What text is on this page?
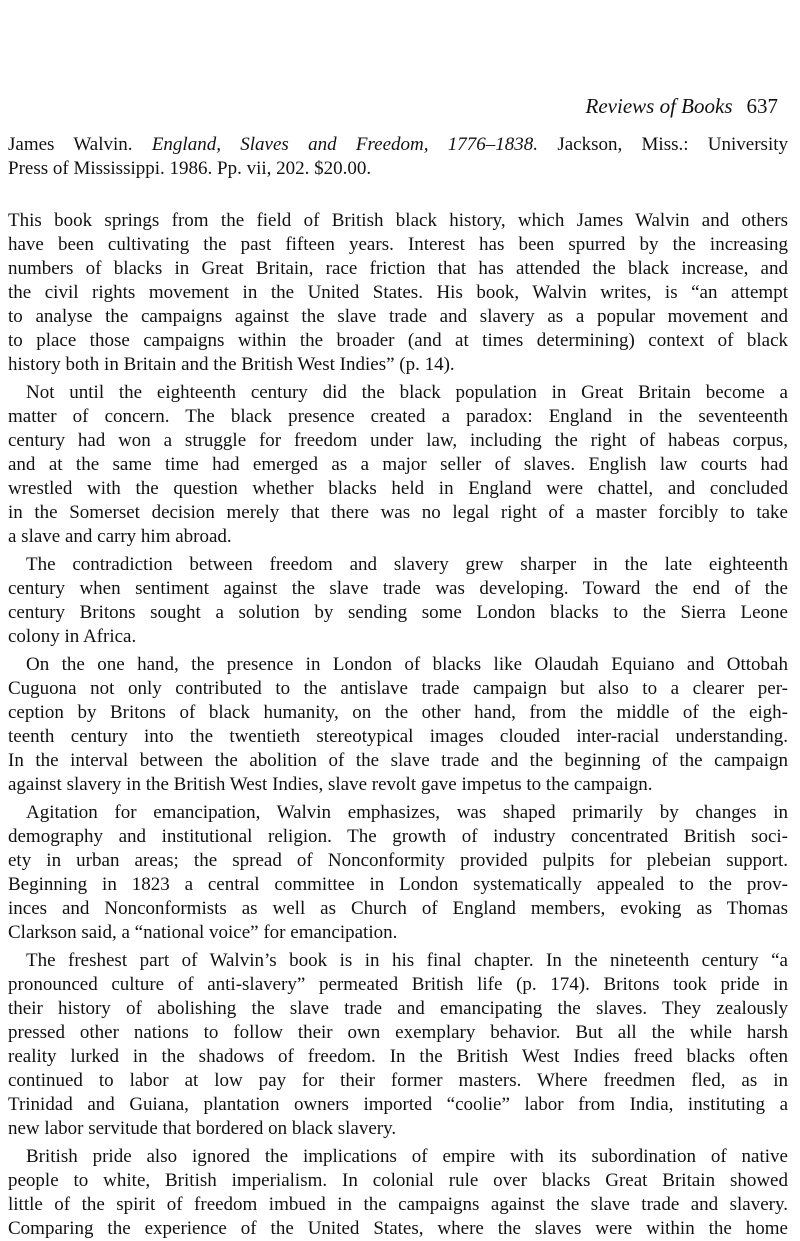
Reviews of Books 637
James Walvin. England, Slaves and Freedom, 1776–1838. Jackson, Miss.: University
Press of Mississippi. 1986. Pp. vii, 202. $20.00.

This book springs from the field of British black history, which James Walvin and others
have been cultivating the past fifteen years. Interest has been spurred by the increasing
numbers of blacks in Great Britain, race friction that has attended the black increase, and
the civil rights movement in the United States. His book, Walvin writes, is “an attempt
to analyse the campaigns against the slave trade and slavery as a popular movement and
to place those campaigns within the broader (and at times determining) context of black
history both in Britain and the British West Indies” (p. 14).

Not until the eighteenth century did the black population in Great Britain become a
matter of concern. The black presence created a paradox: England in the seventeenth
century had won a struggle for freedom under law, including the right of habeas corpus,
and at the same time had emerged as a major seller of slaves. English law courts had
wrestled with the question whether blacks held in England were chattel, and concluded
in the Somerset decision merely that there was no legal right of a master forcibly to take
a slave and carry him abroad.

The contradiction between freedom and slavery grew sharper in the late eighteenth
century when sentiment against the slave trade was developing. Toward the end of the
century Britons sought a solution by sending some London blacks to the Sierra Leone
colony in Africa.

On the one hand, the presence in London of blacks like Olaudah Equiano and Ottobah
Cuguona not only contributed to the antislave trade campaign but also to a clearer per-
ception by Britons of black humanity, on the other hand, from the middle of the eigh-
teenth century into the twentieth stereotypical images clouded inter-racial understanding.
In the interval between the abolition of the slave trade and the beginning of the campaign
against slavery in the British West Indies, slave revolt gave impetus to the campaign.

Agitation for emancipation, Walvin emphasizes, was shaped primarily by changes in
demography and institutional religion. The growth of industry concentrated British soci-
ety in urban areas; the spread of Nonconformity provided pulpits for plebeian support.
Beginning in 1823 a central committee in London systematically appealed to the prov-
inces and Nonconformists as well as Church of England members, evoking as Thomas
Clarkson said, a “national voice” for emancipation.

The freshest part of Walvin’s book is in his final chapter. In the nineteenth century “a
pronounced culture of anti-slavery” permeated British life (p. 174). Britons took pride in
their history of abolishing the slave trade and emancipating the slaves. They zealously
pressed other nations to follow their own exemplary behavior. But all the while harsh
reality lurked in the shadows of freedom. In the British West Indies freed blacks often
continued to labor at low pay for their former masters. Where freedmen fled, as in
Trinidad and Guiana, plantation owners imported “coolie” labor from India, instituting a
new labor servitude that bordered on black slavery.

British pride also ignored the implications of empire with its subordination of native
people to white, British imperialism. In colonial rule over blacks Great Britain showed
little of the spirit of freedom imbued in the campaigns against the slave trade and slavery.
Comparing the experience of the United States, where the slaves were within the home
